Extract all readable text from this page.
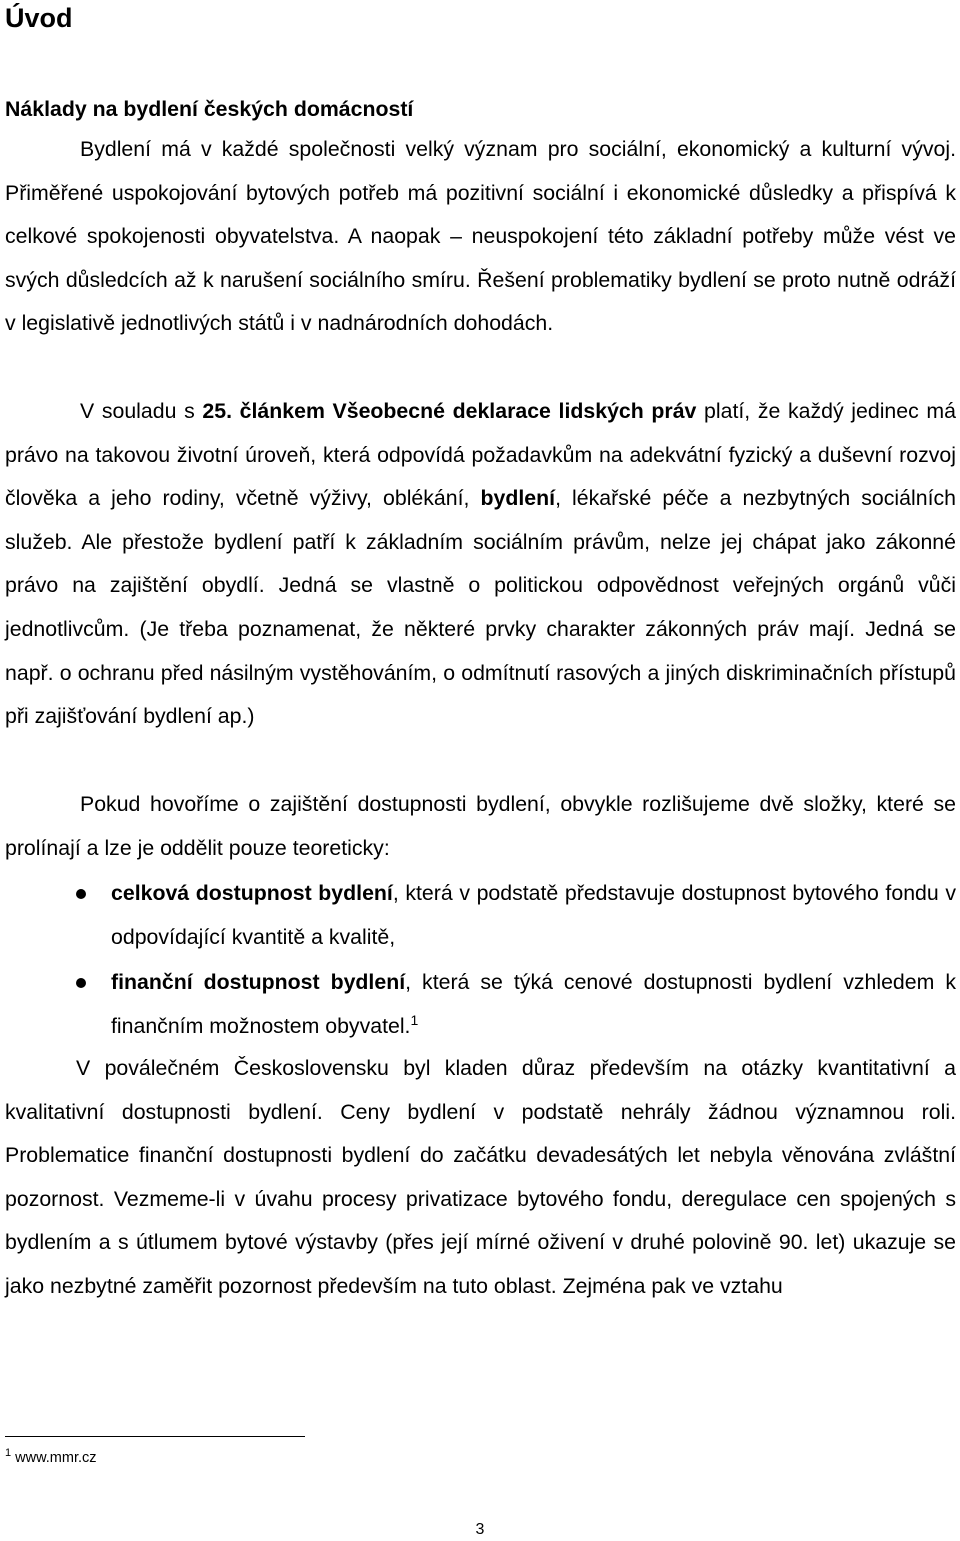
Úvod
Náklady na bydlení českých domácností

Bydlení má v každé společnosti velký význam pro sociální, ekonomický a kulturní vývoj. Přiměřené uspokojování bytových potřeb má pozitivní sociální i ekonomické důsledky a přispívá k celkové spokojenosti obyvatelstva. A naopak – neuspokojení této základní potřeby může vést ve svých důsledcích až k narušení sociálního smíru. Řešení problematiky bydlení se proto nutně odráží v legislativě jednotlivých států i v nadnárodních dohodách.

V souladu s 25. článkem Všeobecné deklarace lidských práv platí, že každý jedinec má právo na takovou životní úroveň, která odpovídá požadavkům na adekvátní fyzický a duševní rozvoj člověka a jeho rodiny, včetně výživy, oblékání, bydlení, lékařské péče a nezbytných sociálních služeb. Ale přestože bydlení patří k základním sociálním právům, nelze jej chápat jako zákonné právo na zajištění obydlí. Jedná se vlastně o politickou odpovědnost veřejných orgánů vůči jednotlivcům. (Je třeba poznamenat, že některé prvky charakter zákonných práv mají. Jedná se např. o ochranu před násilným vystěhováním, o odmítnutí rasových a jiných diskriminačních přístupů při zajišťování bydlení ap.)

Pokud hovoříme o zajištění dostupnosti bydlení, obvykle rozlišujeme dvě složky, které se prolínají a lze je oddělit pouze teoreticky:

celková dostupnost bydlení, která v podstatě představuje dostupnost bytového fondu v odpovídající kvantitě a kvalitě,
finanční dostupnost bydlení, která se týká cenové dostupnosti bydlení vzhledem k finančním možnostem obyvatel.$^1$

V poválečném Československu byl kladen důraz především na otázky kvantitativní a kvalitativní dostupnosti bydlení. Ceny bydlení v podstatě nehrály žádnou významnou roli. Problematice finanční dostupnosti bydlení do začátku devadesátých let nebyla věnována zvláštní pozornost. Vezmeme-li v úvahu procesy privatizace bytového fondu, deregulace cen spojených s bydlením a s útlumem bytové výstavby (přes její mírné oživení v druhé polovině 90. let) ukazuje se jako nezbytné zaměřit pozornost především na tuto oblast. Zejména pak ve vztahu

$^1$ www.mmr.cz
3
